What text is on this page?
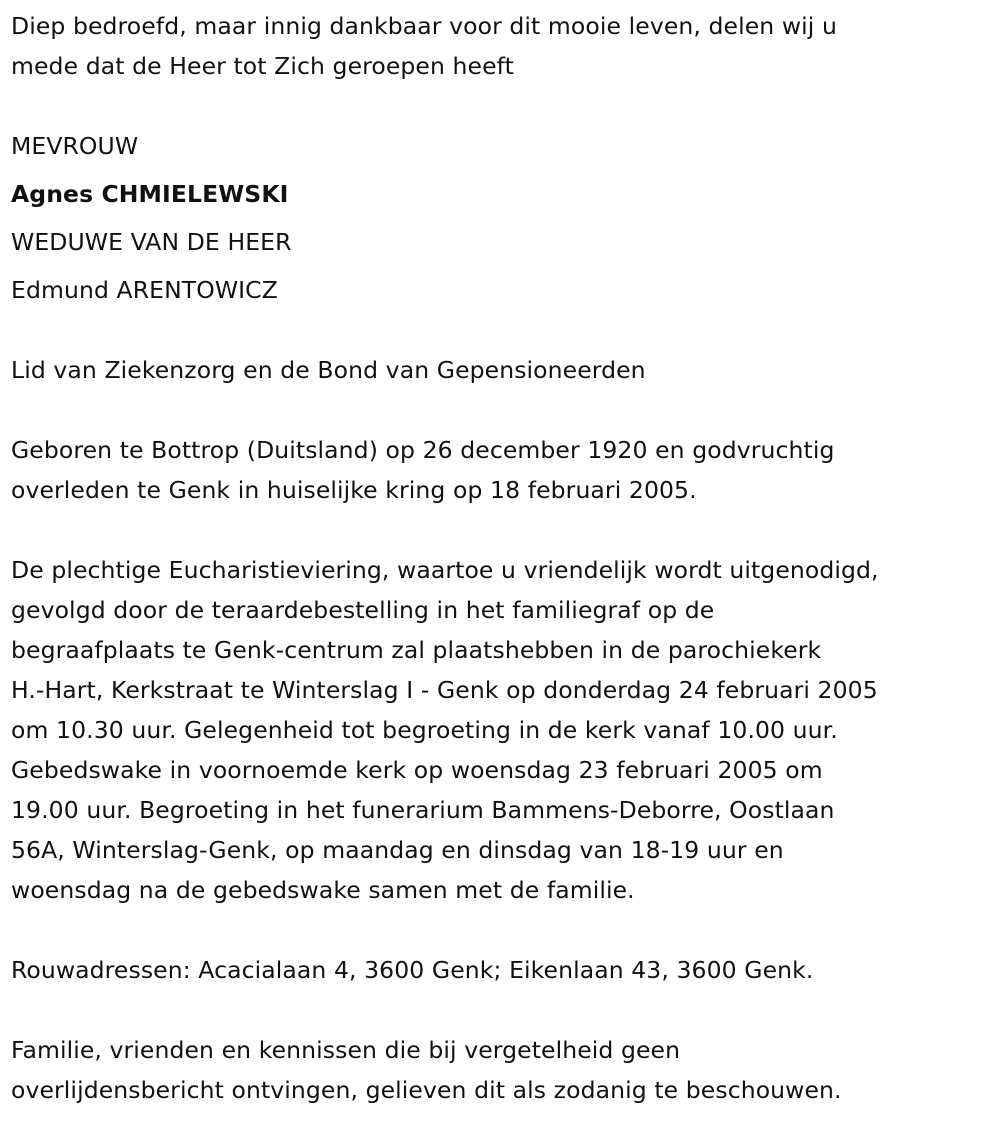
Diep bedroefd, maar innig dankbaar voor dit mooie leven, delen wij u
mede dat de Heer tot Zich geroepen heeft
MEVROUW
Agnes CHMIELEWSKI
WEDUWE VAN DE HEER
Edmund ARENTOWICZ
Lid van Ziekenzorg en de Bond van Gepensioneerden
Geboren te Bottrop (Duitsland) op 26 december 1920 en godvruchtig
overleden te Genk in huiselijke kring op 18 februari 2005.
De plechtige Eucharistieviering, waartoe u vriendelijk wordt uitgenodigd,
gevolgd door de teraardebestelling in het familiegraf op de
begraafplaats te Genk-centrum zal plaatshebben in de parochiekerk
H.-Hart, Kerkstraat te Winterslag I - Genk op donderdag 24 februari 2005
om 10.30 uur. Gelegenheid tot begroeting in de kerk vanaf 10.00 uur.
Gebedswake in voornoemde kerk op woensdag 23 februari 2005 om
19.00 uur. Begroeting in het funerarium Bammens-Deborre, Oostlaan
56A, Winterslag-Genk, op maandag en dinsdag van 18-19 uur en
woensdag na de gebedswake samen met de familie.
Rouwadressen: Acacialaan 4, 3600 Genk; Eikenlaan 43, 3600 Genk.
Familie, vrienden en kennissen die bij vergetelheid geen
overlijdensbericht ontvingen, gelieven dit als zodanig te beschouwen.
